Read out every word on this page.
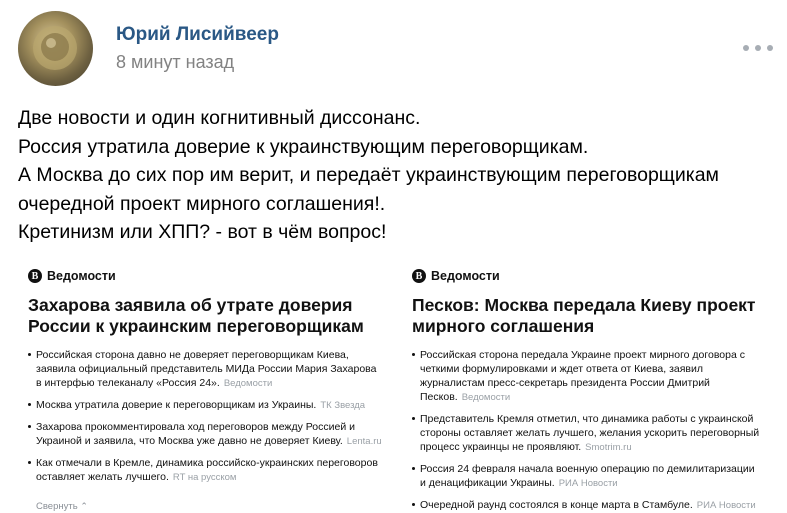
Юрий Лисийвеер
8 минут назад
Две новости и один когнитивный диссонанс.
Россия утратила доверие к украинствующим переговорщикам.
А Москва до сих пор им верит, и передаёт украинствующим переговорщикам
очередной проект мирного соглашения!.
Кретинизм или ХПП? - вот в чём вопрос!
В Ведомости
Захарова заявила об утрате доверия России к украинским переговорщикам
Российская сторона давно не доверяет переговорщикам Киева, заявила официальный представитель МИДа России Мария Захарова в интерфью телеканалу «Россия 24». Ведомости
Москва утратила доверие к переговорщикам из Украины. ТК Звезда
Захарова прокомментировала ход переговоров между Россией и Украиной и заявила, что Москва уже давно не доверяет Киеву. Lenta.ru
Как отмечали в Кремле, динамика российско-украинских переговоров оставляет желать лучшего. RT на русском
Свернуть ⌃
В Ведомости
Песков: Москва передала Киеву проект мирного соглашения
Российская сторона передала Украине проект мирного договора с четкими формулировками и ждет ответа от Киева, заявил журналистам пресс-секретарь президента России Дмитрий Песков. Ведомости
Представитель Кремля отметил, что динамика работы с украинской стороны оставляет желать лучшего, желания ускорить переговорный процесс украинцы не проявляют. Smotrim.ru
Россия 24 февраля начала военную операцию по демилитаризации и денацификации Украины. РИА Новости
Очередной раунд состоялся в конце марта в Стамбуле. РИА Новости
